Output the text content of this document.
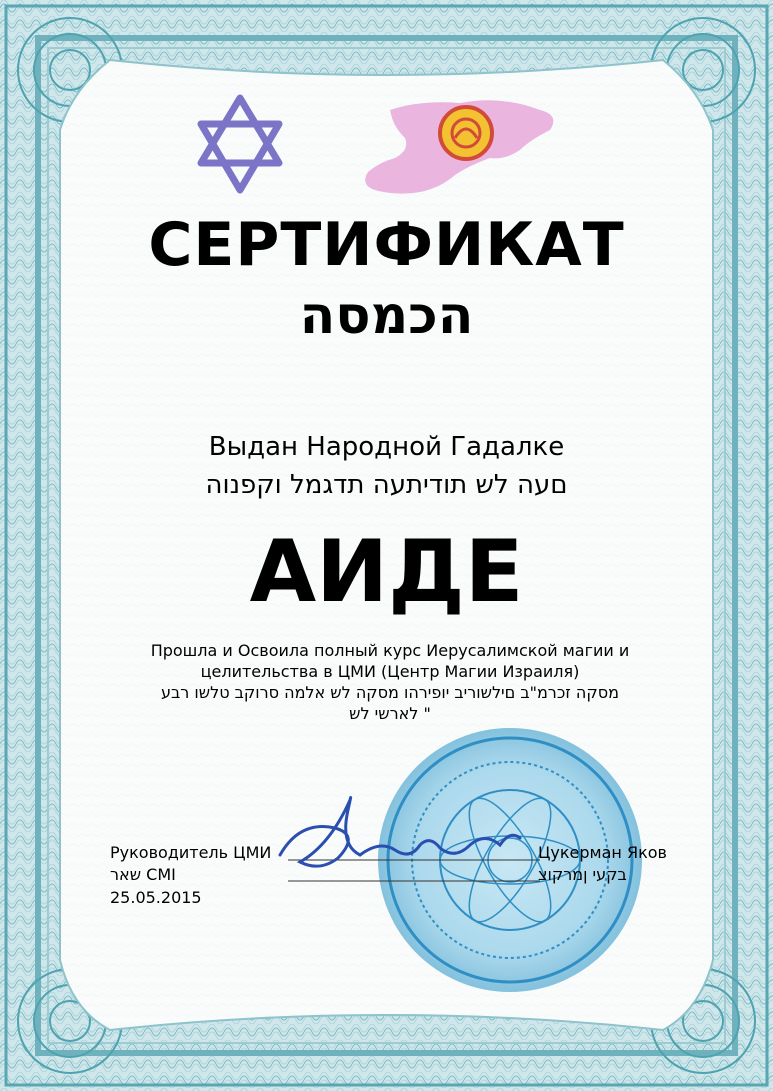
СЕРТИФИКАТ

הכמסה

Выдан Народной Гадалке

םעה לש תודיתעה תדגמל וקפנוה

АИДЕ

Прошла и Освоила полный курс Иерусалимской магии и
целительства в ЦМИ (Центр Магии Израиля)
מסקה זכרמ"ב םילשוריב יופירהו מסקה לש אלמה סרוקב טלשו רבע
" לארשי לש
Руководитель ЦМИ
שאר CMI
25.05.2015
Цукерман Яков
בקעי ןמרקוצ
